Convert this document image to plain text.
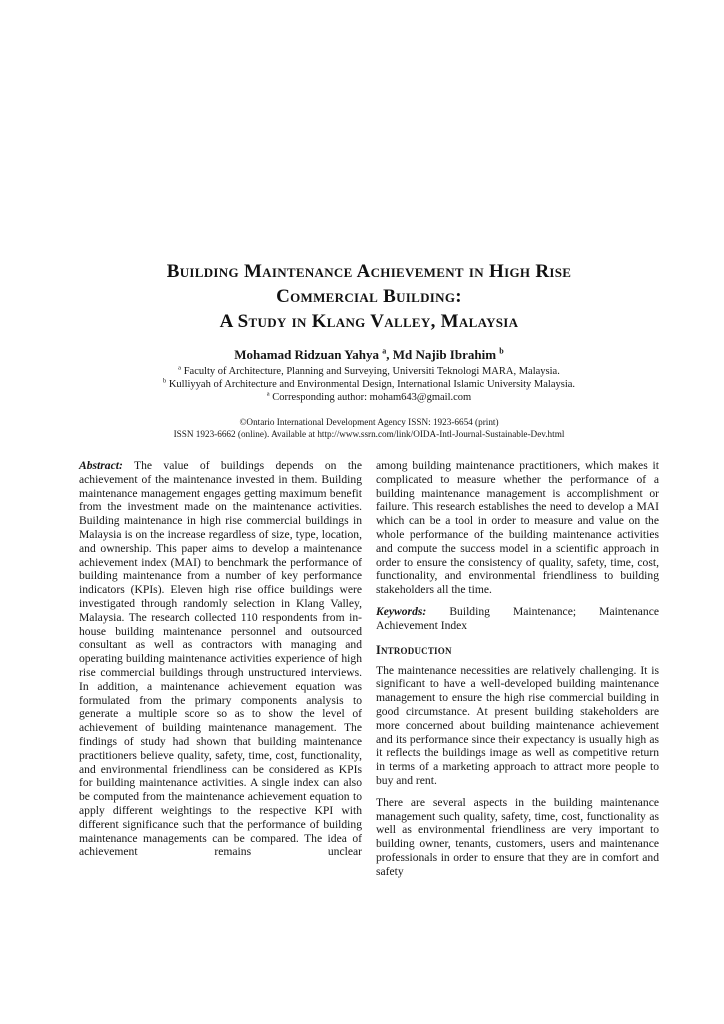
Building Maintenance Achievement in High Rise
Commercial Building:
A Study in Klang Valley, Malaysia

Mohamad Ridzuan Yahya $^a$, Md Najib Ibrahim $^b$

$^a$ Faculty of Architecture, Planning and Surveying, Universiti Teknologi MARA, Malaysia.
$^b$ Kulliyyah of Architecture and Environmental Design, International Islamic University Malaysia.
$^a$ Corresponding author: moham643@gmail.com
©Ontario International Development Agency ISSN: 1923-6654 (print)
ISSN 1923-6662 (online). Available at http://www.ssrn.com/link/OIDA-Intl-Journal-Sustainable-Dev.html

Abstract: The value of buildings depends on the achievement of the maintenance invested in them. Building maintenance management engages getting maximum benefit from the investment made on the maintenance activities. Building maintenance in high rise commercial buildings in Malaysia is on the increase regardless of size, type, location, and ownership. This paper aims to develop a maintenance achievement index (MAI) to benchmark the performance of building maintenance from a number of key performance indicators (KPIs). Eleven high rise office buildings were investigated through randomly selection in Klang Valley, Malaysia. The research collected 110 respondents from in-house building maintenance personnel and outsourced consultant as well as contractors with managing and operating building maintenance activities experience of high rise commercial buildings through unstructured interviews. In addition, a maintenance achievement equation was formulated from the primary components analysis to generate a multiple score so as to show the level of achievement of building maintenance management. The findings of study had shown that building maintenance practitioners believe quality, safety, time, cost, functionality, and environmental friendliness can be considered as KPIs for building maintenance activities. A single index can also be computed from the maintenance achievement equation to apply different weightings to the respective KPI with different significance such that the performance of building maintenance managements can be compared. The idea of achievement remains unclear

among building maintenance practitioners, which makes it complicated to measure whether the performance of a building maintenance management is accomplishment or failure. This research establishes the need to develop a MAI which can be a tool in order to measure and value on the whole performance of the building maintenance activities and compute the success model in a scientific approach in order to ensure the consistency of quality, safety, time, cost, functionality, and environmental friendliness to building stakeholders all the time.

Keywords: Building Maintenance; Maintenance Achievement Index

Introduction

The maintenance necessities are relatively challenging. It is significant to have a well-developed building maintenance management to ensure the high rise commercial building in good circumstance. At present building stakeholders are more concerned about building maintenance achievement and its performance since their expectancy is usually high as it reflects the buildings image as well as competitive return in terms of a marketing approach to attract more people to buy and rent.

There are several aspects in the building maintenance management such quality, safety, time, cost, functionality as well as environmental friendliness are very important to building owner, tenants, customers, users and maintenance professionals in order to ensure that they are in comfort and safety
